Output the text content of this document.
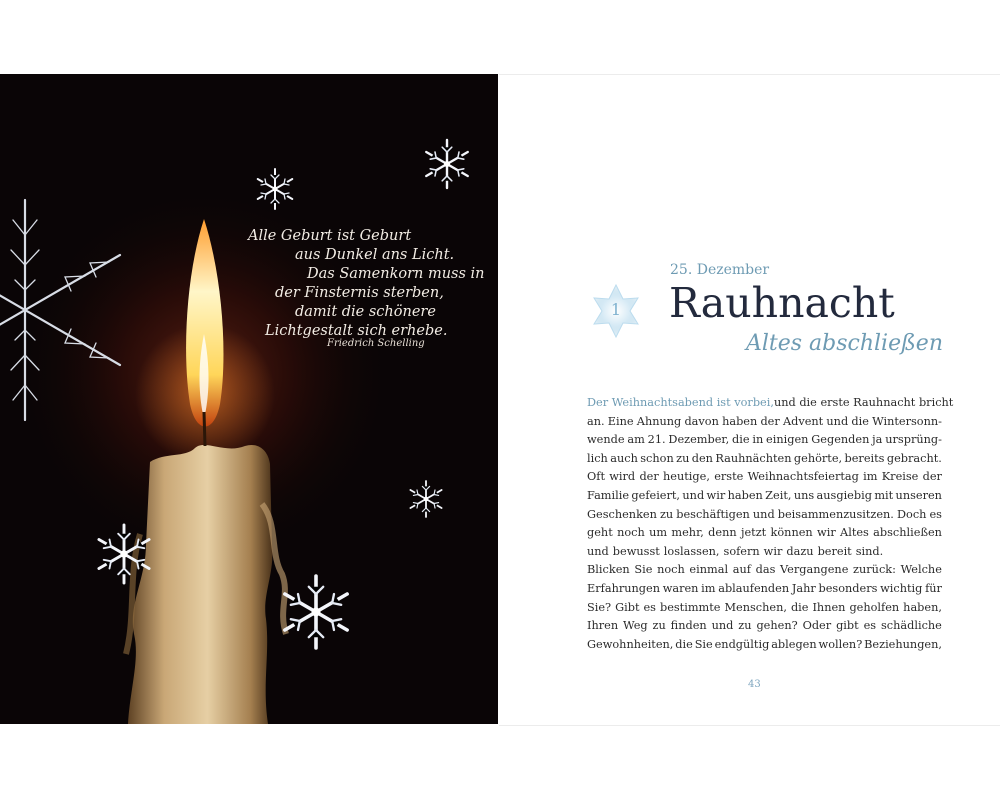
Alle Geburt ist Geburt
aus Dunkel ans Licht.
Das Samenkorn muss in
der Finsternis sterben,
damit die schönere
Lichtgestalt sich erhebe.
Friedrich Schelling
1
25. Dezember
Rauhnacht
Altes abschließen
Der Weihnachtsabend ist vorbei, und die erste Rauhnacht bricht
an. Eine Ahnung davon haben der Advent und die Wintersonn-
wende am 21. Dezember, die in einigen Gegenden ja ursprüng-
lich auch schon zu den Rauhnächten gehörte, bereits gebracht.
Oft wird der heutige, erste Weihnachtsfeiertag im Kreise der
Familie gefeiert, und wir haben Zeit, uns ausgiebig mit unseren
Geschenken zu beschäftigen und beisammenzusitzen. Doch es
geht noch um mehr, denn jetzt können wir Altes abschließen
und bewusst loslassen, sofern wir dazu bereit sind.
Blicken Sie noch einmal auf das Vergangene zurück: Welche
Erfahrungen waren im ablaufenden Jahr besonders wichtig für
Sie? Gibt es bestimmte Menschen, die Ihnen geholfen haben,
Ihren Weg zu finden und zu gehen? Oder gibt es schädliche
Gewohnheiten, die Sie endgültig ablegen wollen? Beziehungen,
43
